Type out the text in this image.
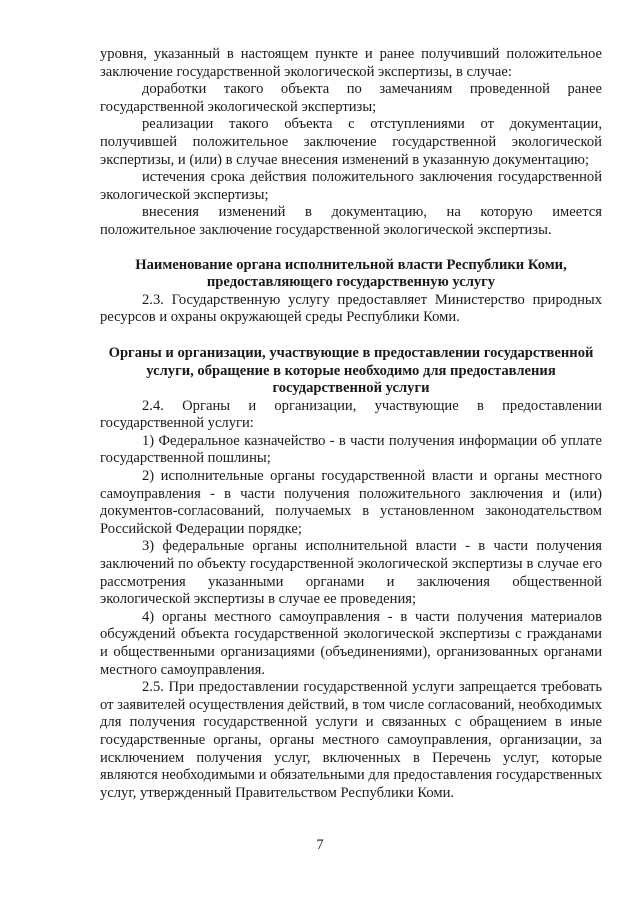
уровня, указанный в настоящем пункте и ранее получивший положительное заключение государственной экологической экспертизы, в случае:

доработки такого объекта по замечаниям проведенной ранее государственной экологической экспертизы;

реализации такого объекта с отступлениями от документации, получившей положительное заключение государственной экологической экспертизы, и (или) в случае внесения изменений в указанную документацию;

истечения срока действия положительного заключения государственной экологической экспертизы;

внесения изменений в документацию, на которую имеется положительное заключение государственной экологической экспертизы.

Наименование органа исполнительной власти Республики Коми, предоставляющего государственную услугу

2.3. Государственную услугу предоставляет Министерство природных ресурсов и охраны окружающей среды Республики Коми.

Органы и организации, участвующие в предоставлении государственной услуги, обращение в которые необходимо для предоставления государственной услуги

2.4. Органы и организации, участвующие в предоставлении государственной услуги:

1) Федеральное казначейство - в части получения информации об уплате государственной пошлины;

2) исполнительные органы государственной власти и органы местного самоуправления - в части получения положительного заключения и (или) документов-согласований, получаемых в установленном законодательством Российской Федерации порядке;

3) федеральные органы исполнительной власти - в части получения заключений по объекту государственной экологической экспертизы в случае его рассмотрения указанными органами и заключения общественной экологической экспертизы в случае ее проведения;

4) органы местного самоуправления - в части получения материалов обсуждений объекта государственной экологической экспертизы с гражданами и общественными организациями (объединениями), организованных органами местного самоуправления.

2.5. При предоставлении государственной услуги запрещается требовать от заявителей осуществления действий, в том числе согласований, необходимых для получения государственной услуги и связанных с обращением в иные государственные органы, органы местного самоуправления, организации, за исключением получения услуг, включенных в Перечень услуг, которые являются необходимыми и обязательными для предоставления государственных услуг, утвержденный Правительством Республики Коми.

7
